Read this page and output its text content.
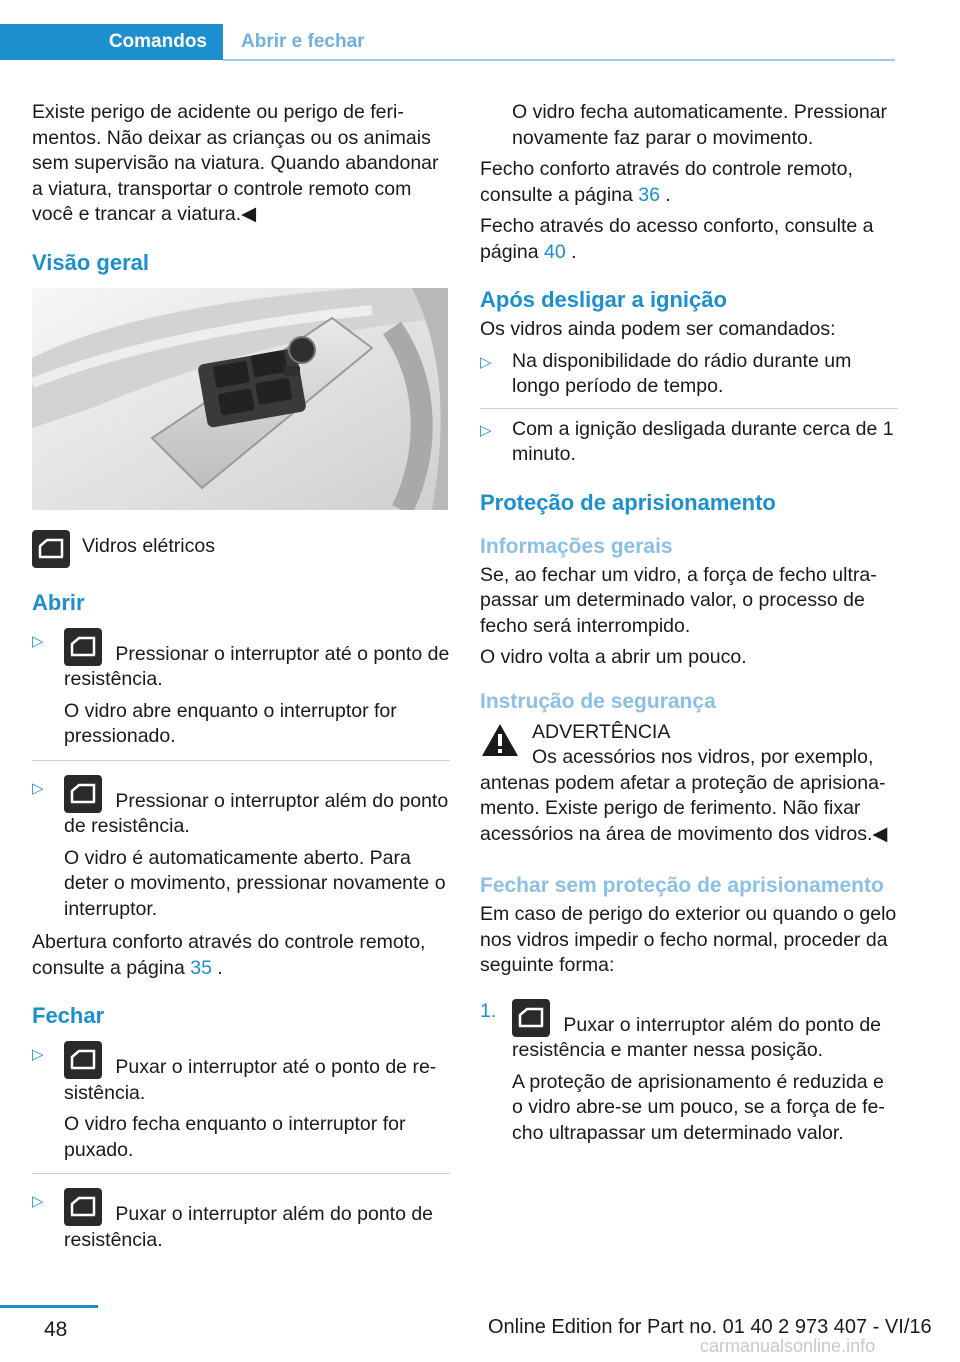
Comandos	Abrir e fechar

Existe perigo de acidente ou perigo de ferimentos. Não deixar as crianças ou os animais sem supervisão na viatura. Quando abandonar a viatura, transportar o controle remoto com você e trancar a viatura.◀

Visão geral
Vidros elétricos
Abrir
▷
Pressionar o interruptor até o ponto de resistência.
O vidro abre enquanto o interruptor for pressionado.
▷
Pressionar o interruptor além do ponto de resistência.
O vidro é automaticamente aberto. Para deter o movimento, pressionar novamente o interruptor.

Abertura conforto através do controle remoto, consulte a página 35 .

Fechar
▷
Puxar o interruptor até o ponto de resistência.
O vidro fecha enquanto o interruptor for puxado.
▷
Puxar o interruptor além do ponto de resistência.

O vidro fecha automaticamente. Pressionar novamente faz parar o movimento.

Fecho conforto através do controle remoto, consulte a página 36 .

Fecho através do acesso conforto, consulte a página 40 .

Após desligar a ignição

Os vidros ainda podem ser comandados:

▷ Na disponibilidade do rádio durante um longo período de tempo.
▷ Com a ignição desligada durante cerca de 1 minuto.
Proteção de aprisionamento
Informações gerais

Se, ao fechar um vidro, a força de fecho ultrapassar um determinado valor, o processo de fecho será interrompido.

O vidro volta a abrir um pouco.

Instrução de segurança
ADVERTÊNCIA
Os acessórios nos vidros, por exemplo,
antenas podem afetar a proteção de aprisionamento. Existe perigo de ferimento. Não fixar acessórios na área de movimento dos vidros.◀
Fechar sem proteção de aprisionamento

Em caso de perigo do exterior ou quando o gelo nos vidros impedir o fecho normal, proceder da seguinte forma:

1.
Puxar o interruptor além do ponto de resistência e manter nessa posição.
A proteção de aprisionamento é reduzida e o vidro abre-se um pouco, se a força de fecho ultrapassar um determinado valor.
48	Online Edition for Part no. 01 40 2 973 407 - VI/16
carmanualsonline.info
